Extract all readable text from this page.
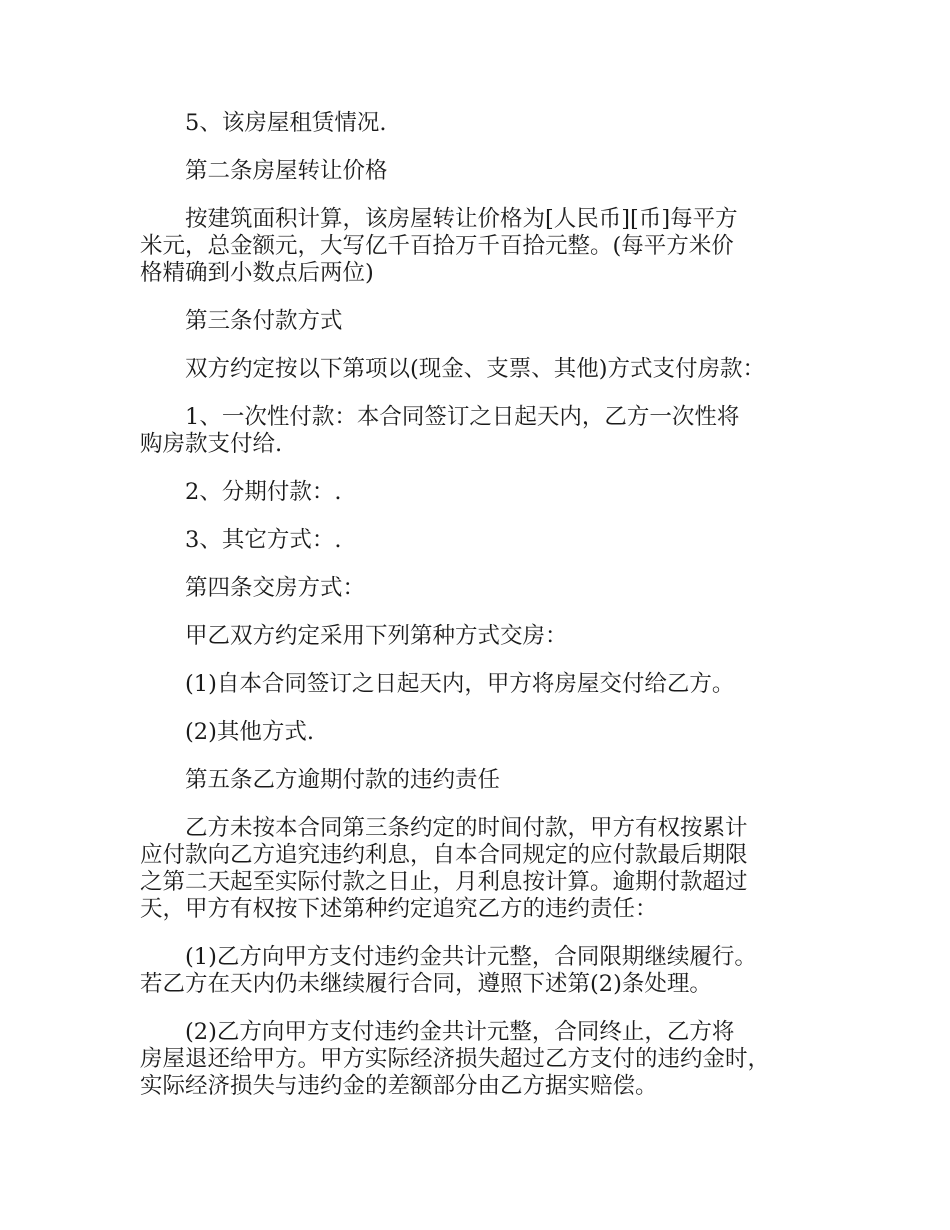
5、该房屋租赁情况.

第二条房屋转让价格

按建筑面积计算，该房屋转让价格为[人民币][币]每平方
米元，总金额元，大写亿千百拾万千百拾元整。(每平方米价
格精确到小数点后两位)

第三条付款方式

双方约定按以下第项以(现金、支票、其他)方式支付房款：

1、一次性付款：本合同签订之日起天内，乙方一次性将
购房款支付给.

2、分期付款：.

3、其它方式：.

第四条交房方式：

甲乙双方约定采用下列第种方式交房：

(1)自本合同签订之日起天内，甲方将房屋交付给乙方。

(2)其他方式.

第五条乙方逾期付款的违约责任

乙方未按本合同第三条约定的时间付款，甲方有权按累计
应付款向乙方追究违约利息，自本合同规定的应付款最后期限
之第二天起至实际付款之日止，月利息按计算。逾期付款超过
天，甲方有权按下述第种约定追究乙方的违约责任：

(1)乙方向甲方支付违约金共计元整，合同限期继续履行。
若乙方在天内仍未继续履行合同，遵照下述第(2)条处理。

(2)乙方向甲方支付违约金共计元整，合同终止，乙方将
房屋退还给甲方。甲方实际经济损失超过乙方支付的违约金时，
实际经济损失与违约金的差额部分由乙方据实赔偿。
